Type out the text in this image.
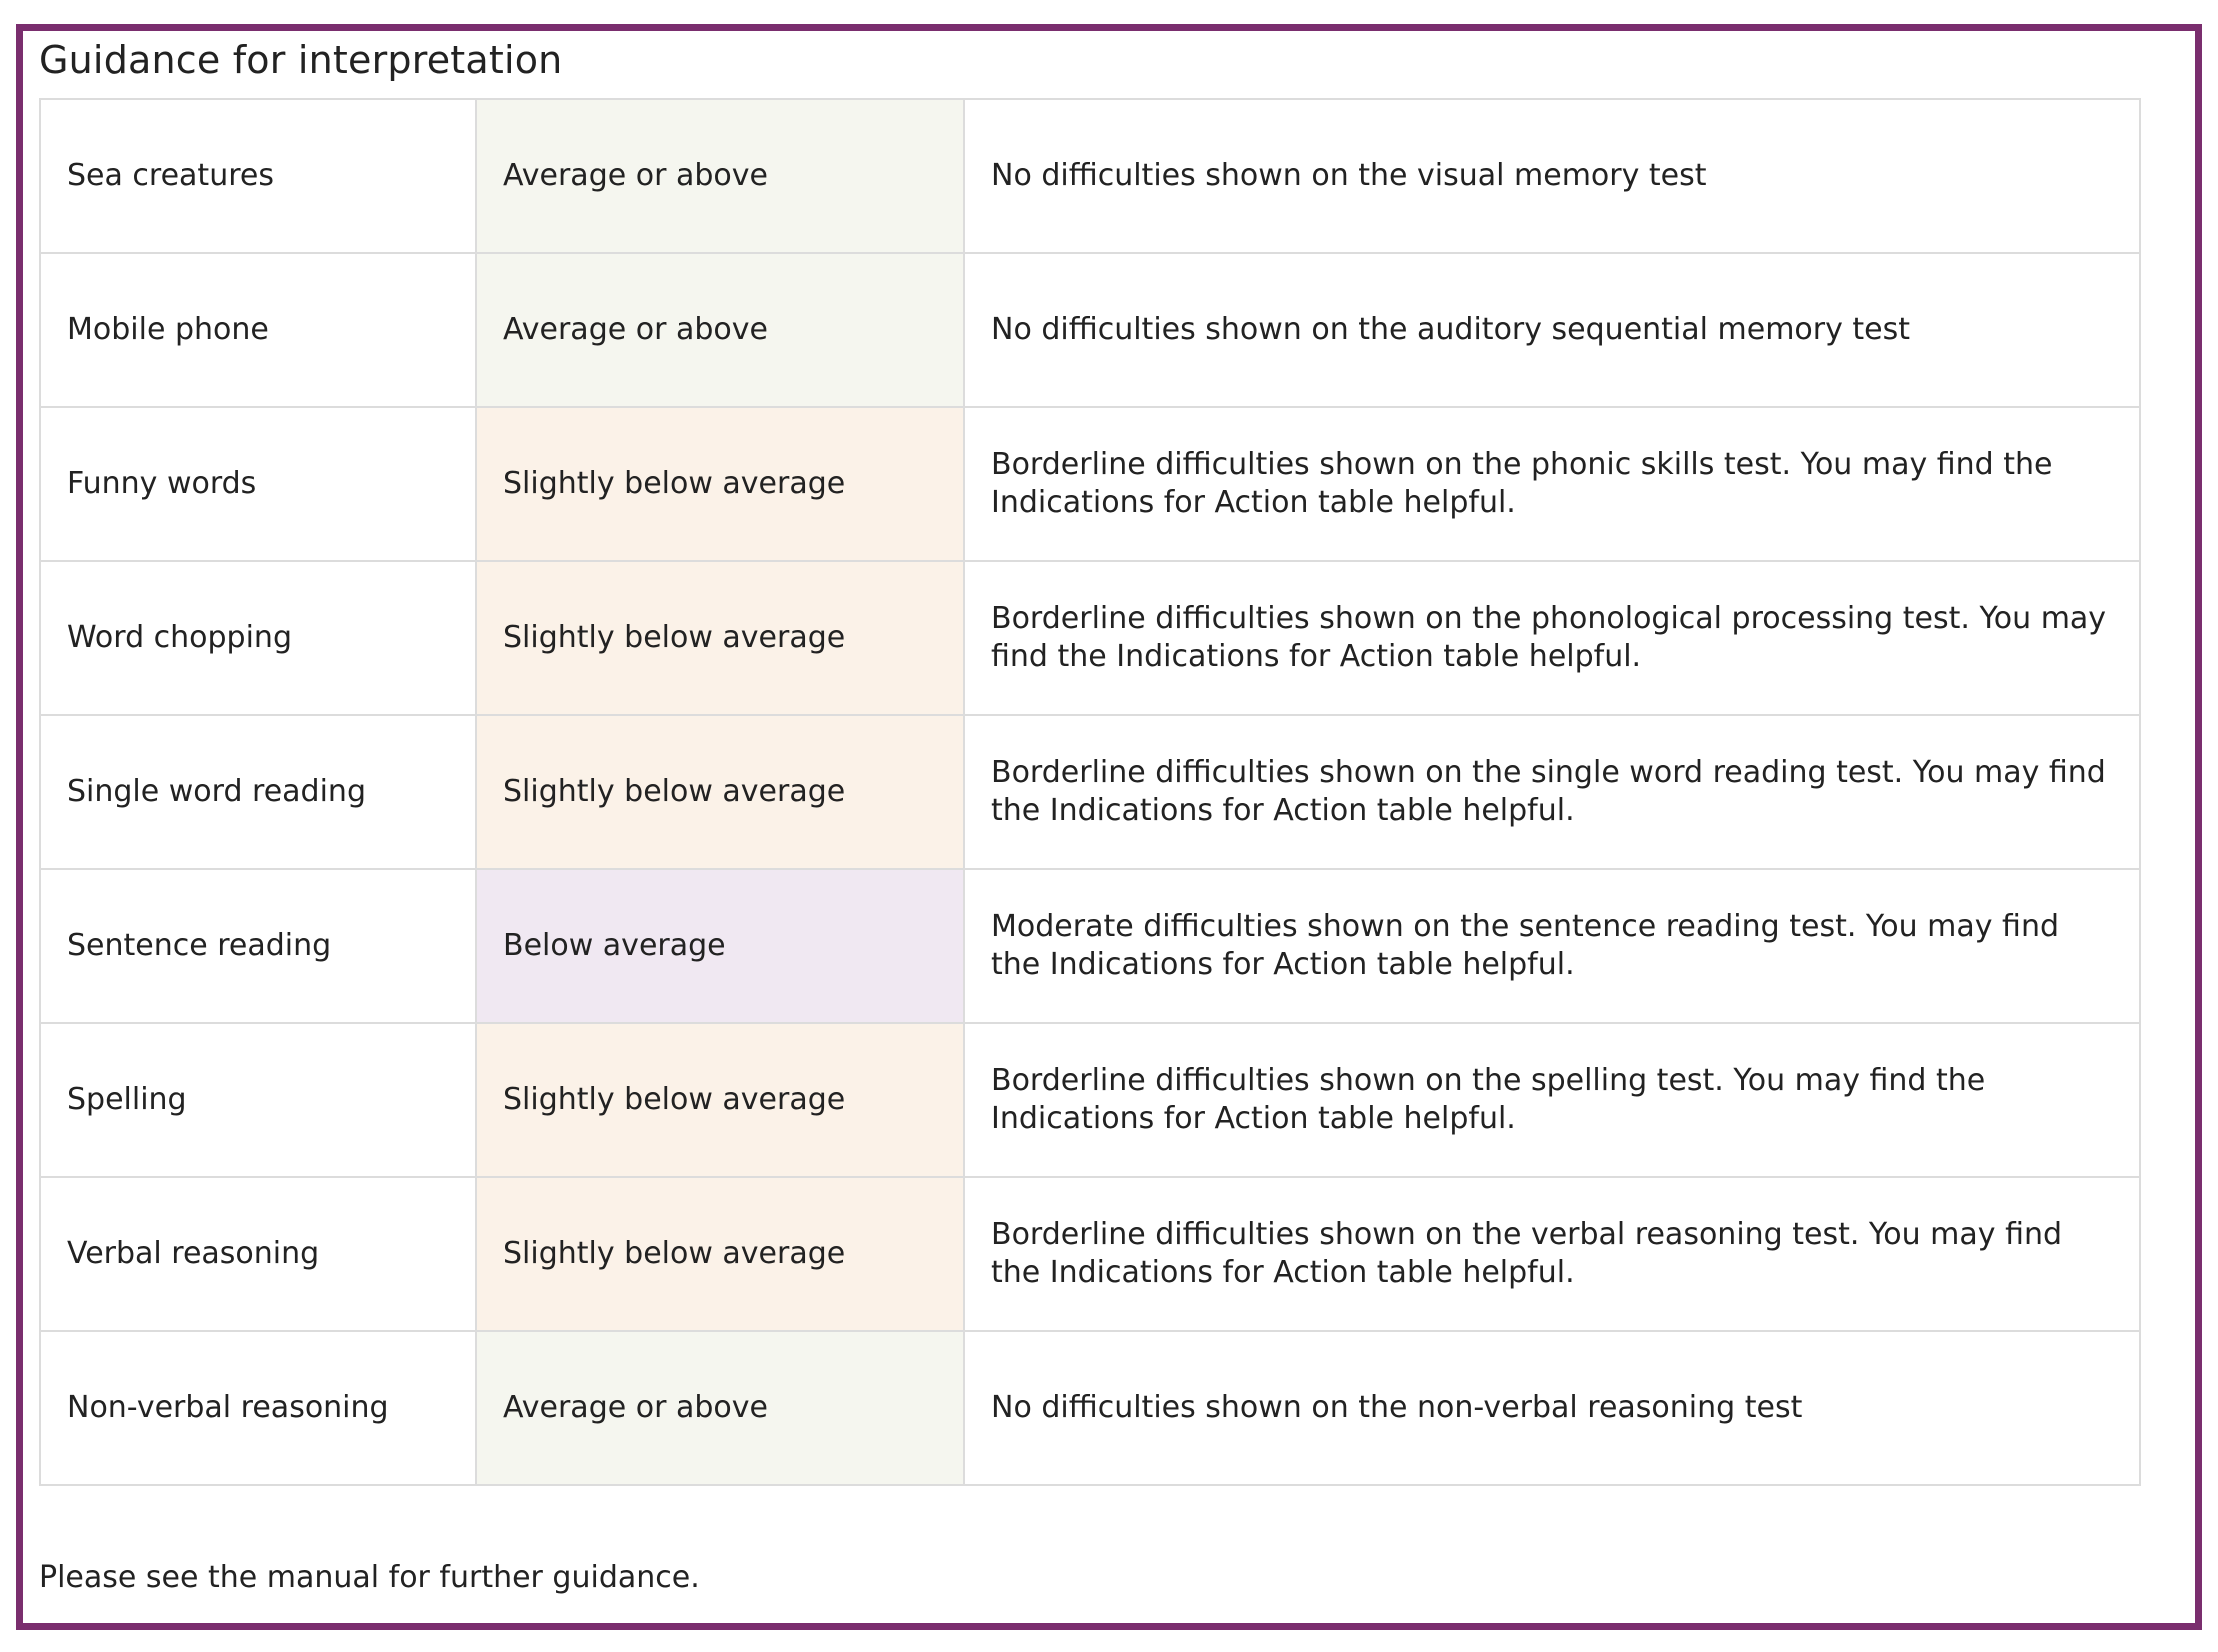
Guidance for interpretation
Sea creatures	Average or above	No difficulties shown on the visual memory test
Mobile phone	Average or above	No difficulties shown on the auditory sequential memory test
Funny words	Slightly below average	Borderline difficulties shown on the phonic skills test. You may find the Indications for Action table helpful.
Word chopping	Slightly below average	Borderline difficulties shown on the phonological processing test. You may find the Indications for Action table helpful.
Single word reading	Slightly below average	Borderline difficulties shown on the single word reading test. You may find the Indications for Action table helpful.
Sentence reading	Below average	Moderate difficulties shown on the sentence reading test. You may find the Indications for Action table helpful.
Spelling	Slightly below average	Borderline difficulties shown on the spelling test. You may find the Indications for Action table helpful.
Verbal reasoning	Slightly below average	Borderline difficulties shown on the verbal reasoning test. You may find the Indications for Action table helpful.
Non-verbal reasoning	Average or above	No difficulties shown on the non-verbal reasoning test

Please see the manual for further guidance.
